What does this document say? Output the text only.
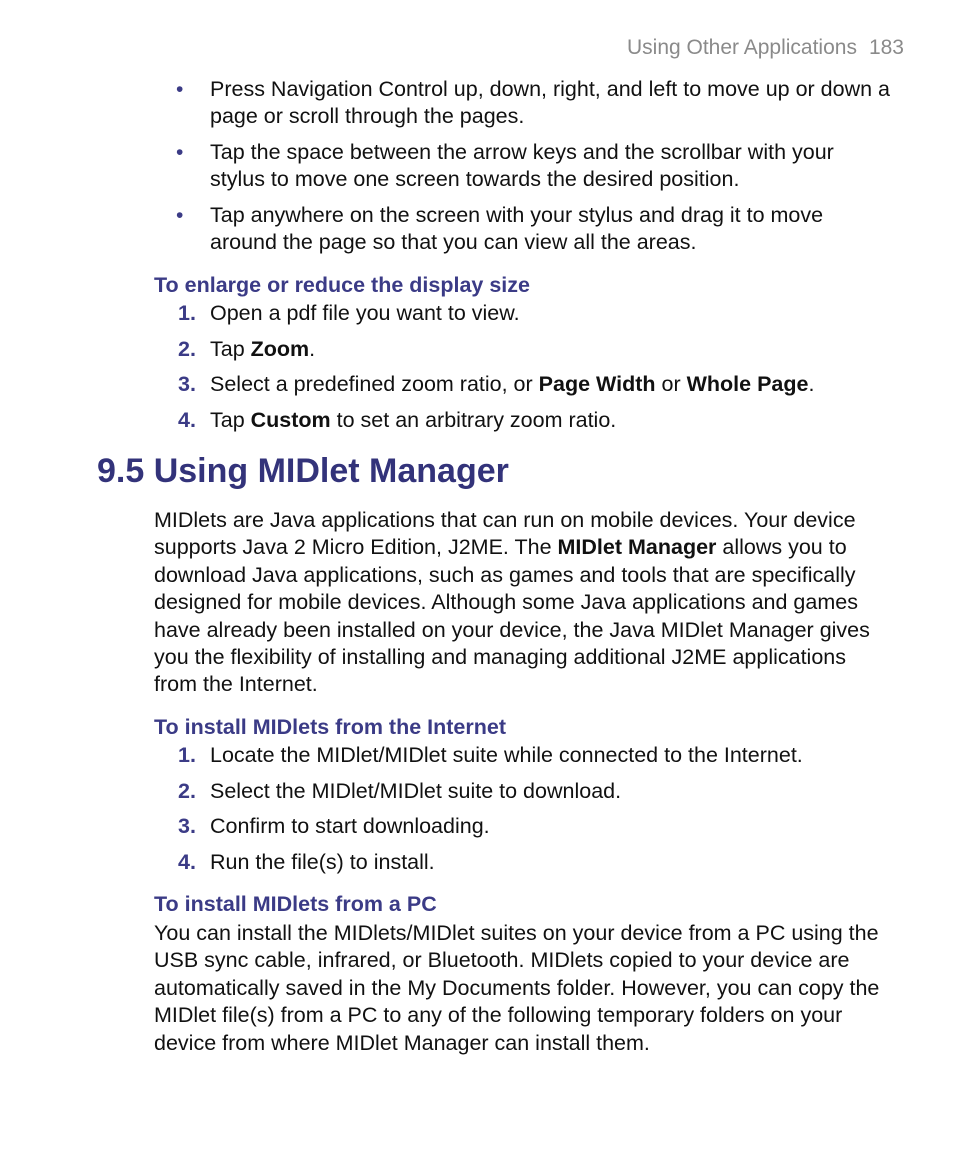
Using Other Applications 183
• Press Navigation Control up, down, right, and left to move up or down a page or scroll through the pages.
• Tap the space between the arrow keys and the scrollbar with your stylus to move one screen towards the desired position.
• Tap anywhere on the screen with your stylus and drag it to move around the page so that you can view all the areas.
To enlarge or reduce the display size
1. Open a pdf file you want to view.
2. Tap Zoom.
3. Select a predefined zoom ratio, or Page Width or Whole Page.
4. Tap Custom to set an arbitrary zoom ratio.
9.5 Using MIDlet Manager
MIDlets are Java applications that can run on mobile devices. Your device supports Java 2 Micro Edition, J2ME. The MIDlet Manager allows you to download Java applications, such as games and tools that are specifically designed for mobile devices. Although some Java applications and games have already been installed on your device, the Java MIDlet Manager gives you the flexibility of installing and managing additional J2ME applications from the Internet.
To install MIDlets from the Internet
1. Locate the MIDlet/MIDlet suite while connected to the Internet.
2. Select the MIDlet/MIDlet suite to download.
3. Confirm to start downloading.
4. Run the file(s) to install.
To install MIDlets from a PC
You can install the MIDlets/MIDlet suites on your device from a PC using the USB sync cable, infrared, or Bluetooth. MIDlets copied to your device are automatically saved in the My Documents folder. However, you can copy the MIDlet file(s) from a PC to any of the following temporary folders on your device from where MIDlet Manager can install them.
